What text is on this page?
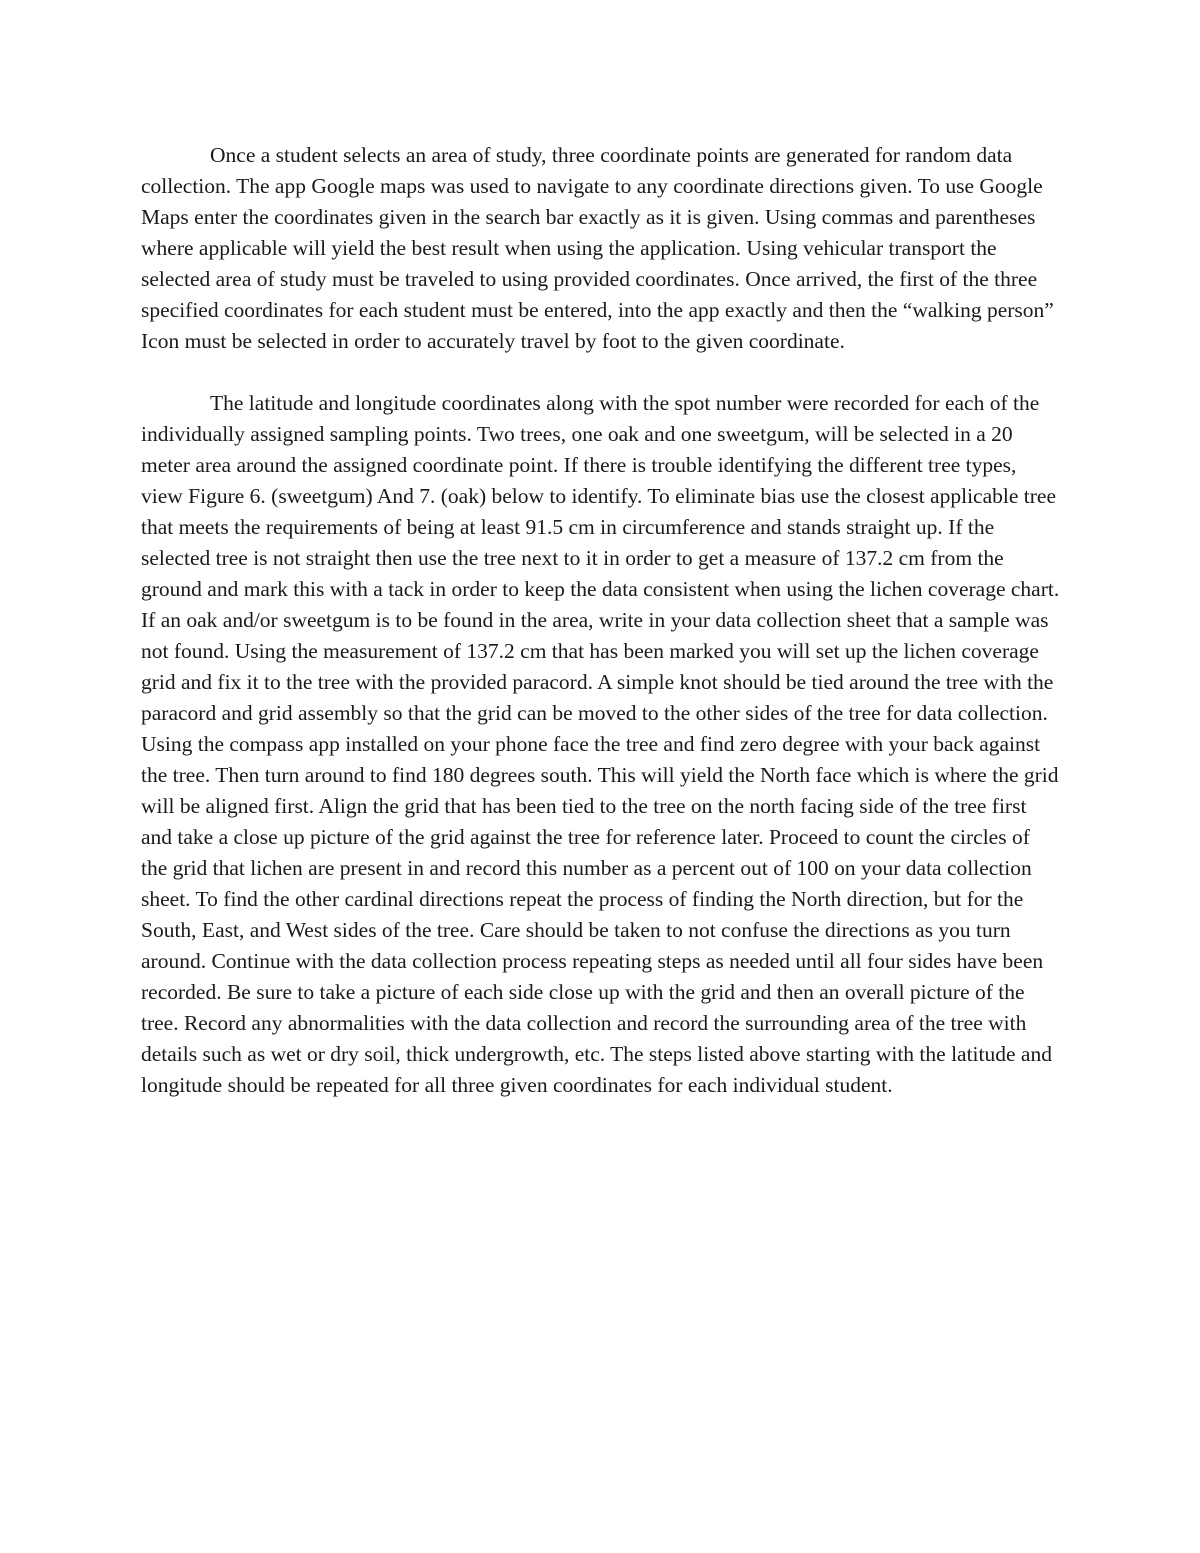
Once a student selects an area of study, three coordinate points are generated for random data collection. The app Google maps was used to navigate to any coordinate directions given. To use Google Maps enter the coordinates given in the search bar exactly as it is given. Using commas and parentheses where applicable will yield the best result when using the application. Using vehicular transport the selected area of study must be traveled to using provided coordinates. Once arrived, the first of the three specified coordinates for each student must be entered, into the app exactly and then the “walking person” Icon must be selected in order to accurately travel by foot to the given coordinate.

The latitude and longitude coordinates along with the spot number were recorded for each of the individually assigned sampling points. Two trees, one oak and one sweetgum, will be selected in a 20 meter area around the assigned coordinate point. If there is trouble identifying the different tree types, view Figure 6. (sweetgum) And 7. (oak) below to identify. To eliminate bias use the closest applicable tree that meets the requirements of being at least 91.5 cm in circumference and stands straight up. If the selected tree is not straight then use the tree next to it in order to get a measure of 137.2 cm from the ground and mark this with a tack in order to keep the data consistent when using the lichen coverage chart. If an oak and/or sweetgum is to be found in the area, write in your data collection sheet that a sample was not found. Using the measurement of 137.2 cm that has been marked you will set up the lichen coverage grid and fix it to the tree with the provided paracord. A simple knot should be tied around the tree with the paracord and grid assembly so that the grid can be moved to the other sides of the tree for data collection. Using the compass app installed on your phone face the tree and find zero degree with your back against the tree. Then turn around to find 180 degrees south. This will yield the North face which is where the grid will be aligned first. Align the grid that has been tied to the tree on the north facing side of the tree first and take a close up picture of the grid against the tree for reference later. Proceed to count the circles of the grid that lichen are present in and record this number as a percent out of 100 on your data collection sheet. To find the other cardinal directions repeat the process of finding the North direction, but for the South, East, and West sides of the tree. Care should be taken to not confuse the directions as you turn around. Continue with the data collection process repeating steps as needed until all four sides have been recorded. Be sure to take a picture of each side close up with the grid and then an overall picture of the tree. Record any abnormalities with the data collection and record the surrounding area of the tree with details such as wet or dry soil, thick undergrowth, etc. The steps listed above starting with the latitude and longitude should be repeated for all three given coordinates for each individual student.
